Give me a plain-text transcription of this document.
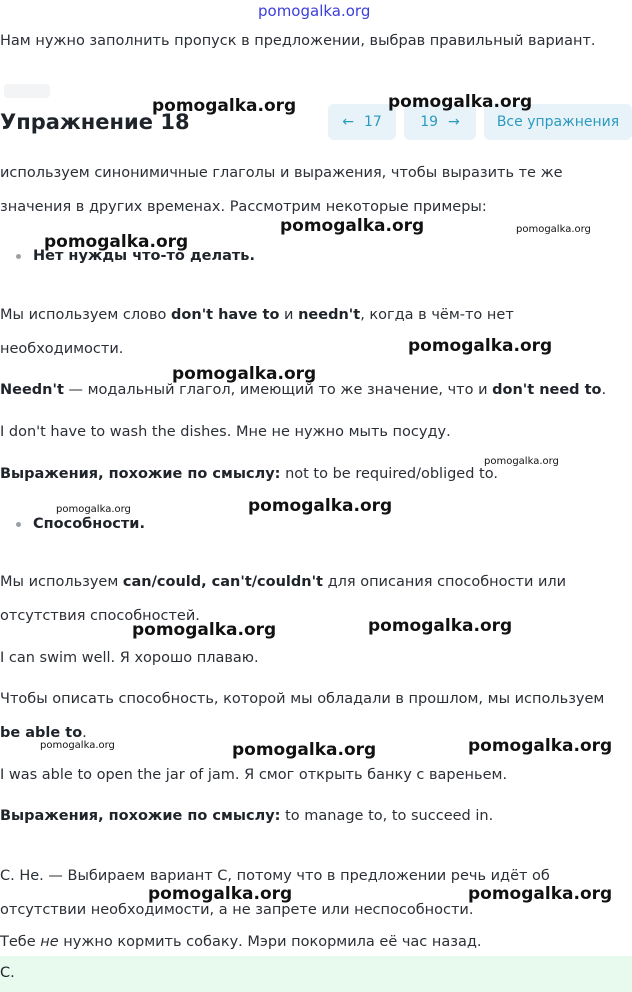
pomogalka.org
Нам нужно заполнить пропуск в предложении, выбрав правильный вариант.
Упражнение 18	← 17	19 →	Все упражнения
используем синонимичные глаголы и выражения, чтобы выразить те же
значения в других временах. Рассмотрим некоторые примеры:
Нет нужды что-то делать.
Мы используем слово don't have to и needn't, когда в чём-то нет
необходимости.
Needn't — модальный глагол, имеющий то же значение, что и don't need to.
I don't have to wash the dishes. Мне не нужно мыть посуду.
Выражения, похожие по смыслу: not to be required/obliged to.
Способности.
Мы используем can/could, can't/couldn't для описания способности или
отсутствия способностей.
I can swim well. Я хорошо плаваю.
Чтобы описать способность, которой мы обладали в прошлом, мы используем
be able to.
I was able to open the jar of jam. Я смог открыть банку с вареньем.
Выражения, похожие по смыслу: to manage to, to succeed in.
C. Не. — Выбираем вариант C, потому что в предложении речь идёт об
отсутствии необходимости, а не запрете или неспособности.
Тебе не нужно кормить собаку. Мэри покормила её час назад.
C.
pomogalka.org	pomogalka.org
pomogalka.org	pomogalka.org
pomogalka.org
pomogalka.org
pomogalka.org
pomogalka.org
pomogalka.org
pomogalka.org
pomogalka.org
pomogalka.org
pomogalka.org	pomogalka.org	pomogalka.org
pomogalka.org	pomogalka.org
